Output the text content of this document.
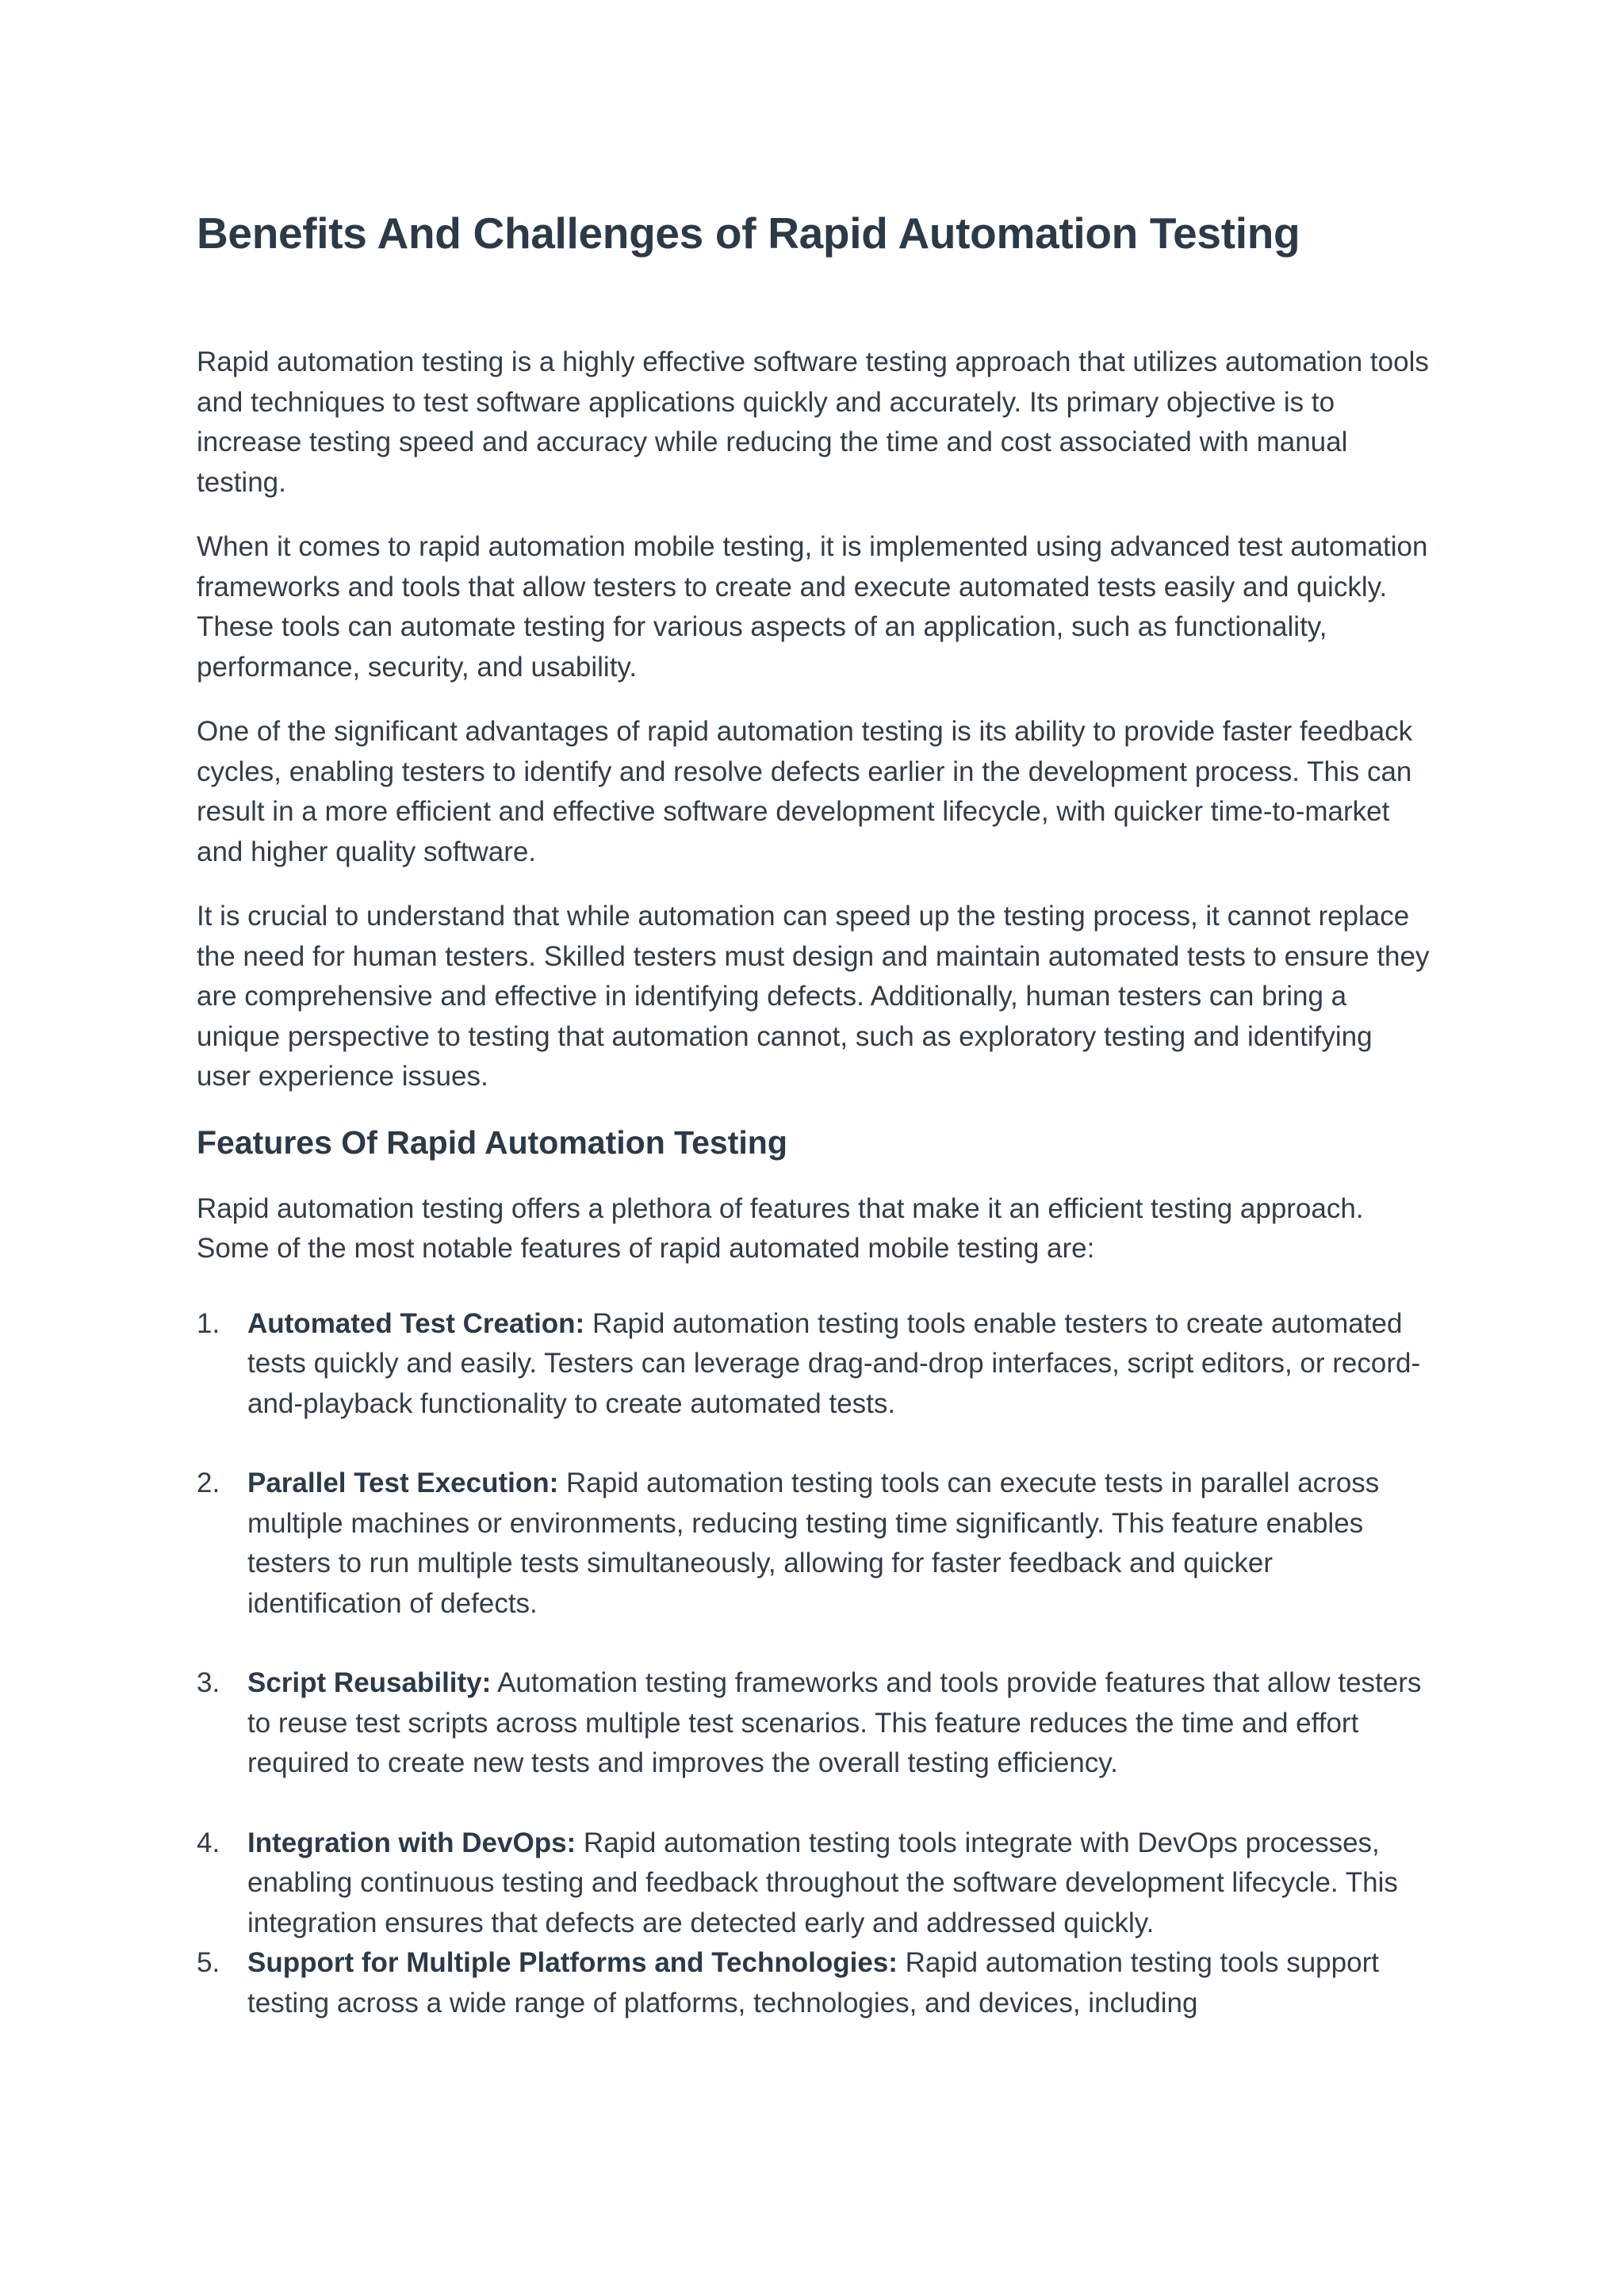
Benefits And Challenges of Rapid Automation Testing

Rapid automation testing is a highly effective software testing approach that utilizes automation tools and techniques to test software applications quickly and accurately. Its primary objective is to increase testing speed and accuracy while reducing the time and cost associated with manual testing.

When it comes to rapid automation mobile testing, it is implemented using advanced test automation frameworks and tools that allow testers to create and execute automated tests easily and quickly. These tools can automate testing for various aspects of an application, such as functionality, performance, security, and usability.

One of the significant advantages of rapid automation testing is its ability to provide faster feedback cycles, enabling testers to identify and resolve defects earlier in the development process. This can result in a more efficient and effective software development lifecycle, with quicker time-to-market and higher quality software.

It is crucial to understand that while automation can speed up the testing process, it cannot replace the need for human testers. Skilled testers must design and maintain automated tests to ensure they are comprehensive and effective in identifying defects. Additionally, human testers can bring a unique perspective to testing that automation cannot, such as exploratory testing and identifying user experience issues.

Features Of Rapid Automation Testing

Rapid automation testing offers a plethora of features that make it an efficient testing approach. Some of the most notable features of rapid automated mobile testing are:

1. Automated Test Creation: Rapid automation testing tools enable testers to create automated tests quickly and easily. Testers can leverage drag-and-drop interfaces, script editors, or record-and-playback functionality to create automated tests.
2. Parallel Test Execution: Rapid automation testing tools can execute tests in parallel across multiple machines or environments, reducing testing time significantly. This feature enables testers to run multiple tests simultaneously, allowing for faster feedback and quicker identification of defects.
3. Script Reusability: Automation testing frameworks and tools provide features that allow testers to reuse test scripts across multiple test scenarios. This feature reduces the time and effort required to create new tests and improves the overall testing efficiency.
4. Integration with DevOps: Rapid automation testing tools integrate with DevOps processes, enabling continuous testing and feedback throughout the software development lifecycle. This integration ensures that defects are detected early and addressed quickly.
5. Support for Multiple Platforms and Technologies: Rapid automation testing tools support testing across a wide range of platforms, technologies, and devices, including
